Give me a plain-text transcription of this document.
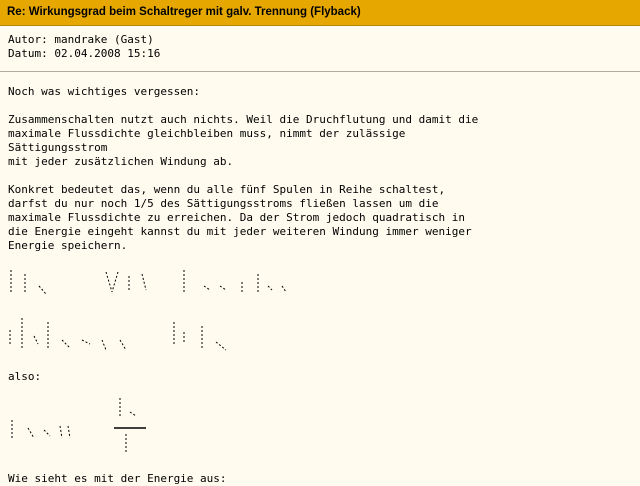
Re: Wirkungsgrad beim Schaltreger mit galv. Trennung (Flyback)
Autor: mandrake (Gast)
Datum: 02.04.2008 15:16
Noch was wichtiges vergessen:
Zusammenschalten nutzt auch nichts. Weil die Druchflutung und damit die
maximale Flussdichte gleichbleiben muss, nimmt der zulässige
Sättigungsstrom
mit jeder zusätzlichen Windung ab.
Konkret bedeutet das, wenn du alle fünf Spulen in Reihe schaltest,
darfst du nur noch 1/5 des Sättigungsstroms fließen lassen um die
maximale Flussdichte zu erreichen. Da der Strom jedoch quadratisch in
die Energie eingeht kannst du mit jeder weiteren Windung immer weniger
Energie speichern.
also:
Wie sieht es mit der Energie aus:
